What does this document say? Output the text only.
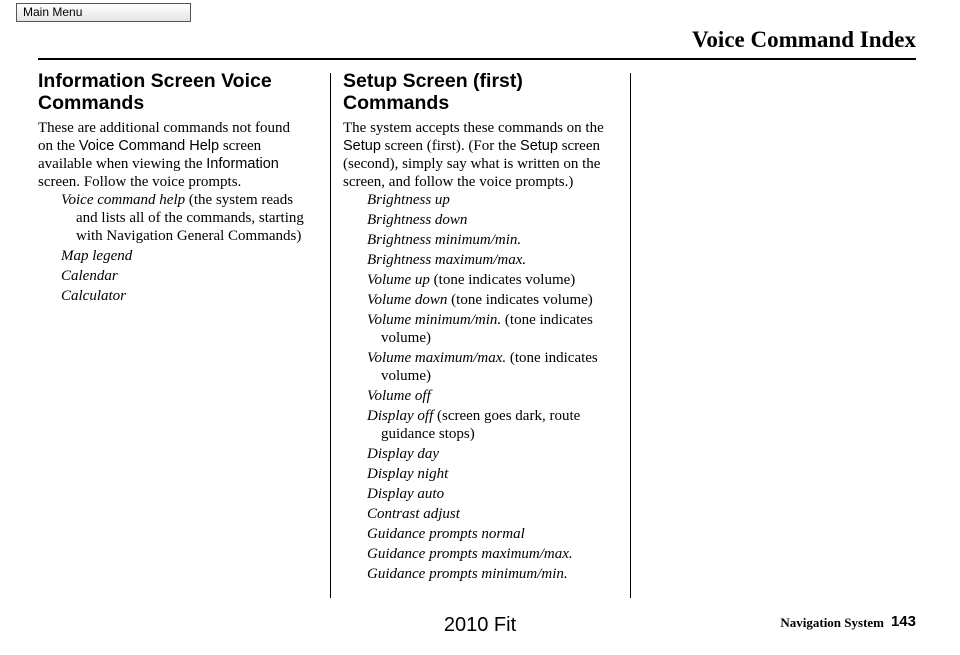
Main Menu
Voice Command Index
Information Screen Voice Commands

These are additional commands not found on the Voice Command Help screen available when viewing the Information screen. Follow the voice prompts.

Voice command help (the system reads and lists all of the commands, starting with Navigation General Commands)
Map legend
Calendar
Calculator
Setup Screen (first) Commands

The system accepts these commands on the Setup screen (first). (For the Setup screen (second), simply say what is written on the screen, and follow the voice prompts.)

Brightness up
Brightness down
Brightness minimum/min.
Brightness maximum/max.
Volume up (tone indicates volume)
Volume down (tone indicates volume)
Volume minimum/min. (tone indicates volume)
Volume maximum/max. (tone indicates volume)
Volume off
Display off (screen goes dark, route guidance stops)
Display day
Display night
Display auto
Contrast adjust
Guidance prompts normal
Guidance prompts maximum/max.
Guidance prompts minimum/min.
Navigation System 143
2010 Fit
